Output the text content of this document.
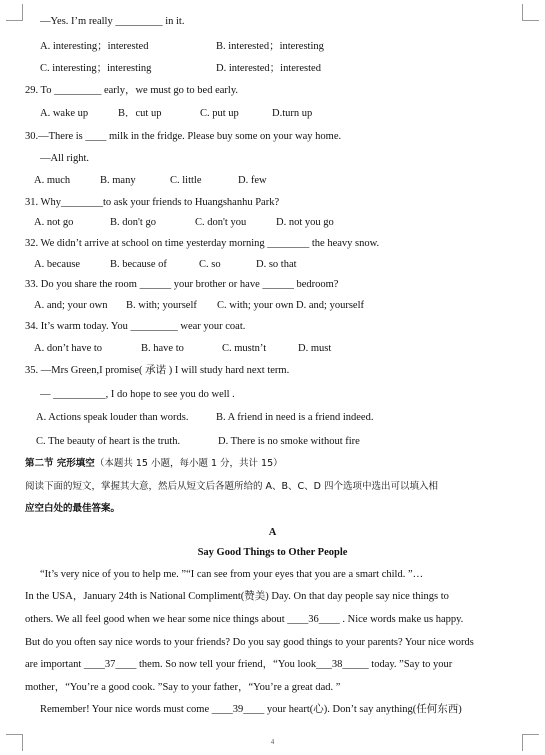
—Yes. I’m really _________ in it.
A. interesting；interested	B. interested；interesting
C. interesting；interesting	D. interested；interested
29. To _________ early，we must go to bed early.
A. wake up	B．cut up	C. put up	D.turn up
30.—There is ____ milk in the fridge. Please buy some on your way home.
—All right.
A. much	B. many	C. little	D. few
31. Why________to ask your friends to Huangshanhu Park?
A. not go	B. don't go	C. don't you	D. not you go
32. We didn’t arrive at school on time yesterday morning ________ the heavy snow.
A. because	B. because of	C. so	D. so that
33. Do you share the room ______ your brother or have ______ bedroom?
A. and; your own B. with; yourself C. with; your own D. and; yourself
34. It’s warm today. You _________ wear your coat.
A. don’t have to	B. have to	C. mustn’t	D. must
35. —Mrs Green,I promise( 承诺 ) I will study hard next term.
— __________, I do hope to see you do well .
A. Actions speak louder than words.	B. A friend in need is a friend indeed.
C. The beauty of heart is the truth.	D. There is no smoke without fire
第二节 完形填空（本题共 15 小题，每小题 1 分，共计 15）
阅读下面的短文，掌握其大意，然后从短文后各题所给的 A、B、C、D 四个选项中选出可以填入相
应空白处的最佳答案。
A
Say Good Things to Other People
“It’s very nice of you to help me. ”“I can see from your eyes that you are a smart child. ”…
In the USA，January 24th is National Compliment(赞美) Day. On that day people say nice things to
others. We all feel good when we hear some nice things about ____36____ . Nice words make us happy.
But do you often say nice words to your friends? Do you say good things to your parents? Your nice words
are important ____37____ them. So now tell your friend，“You look___38_____ today. ”Say to your
mother，“You’re a good cook. ”Say to your father，“You’re a great dad. ”
Remember! Your nice words must come ____39____ your heart(心). Don’t say anything(任何东西)
4
